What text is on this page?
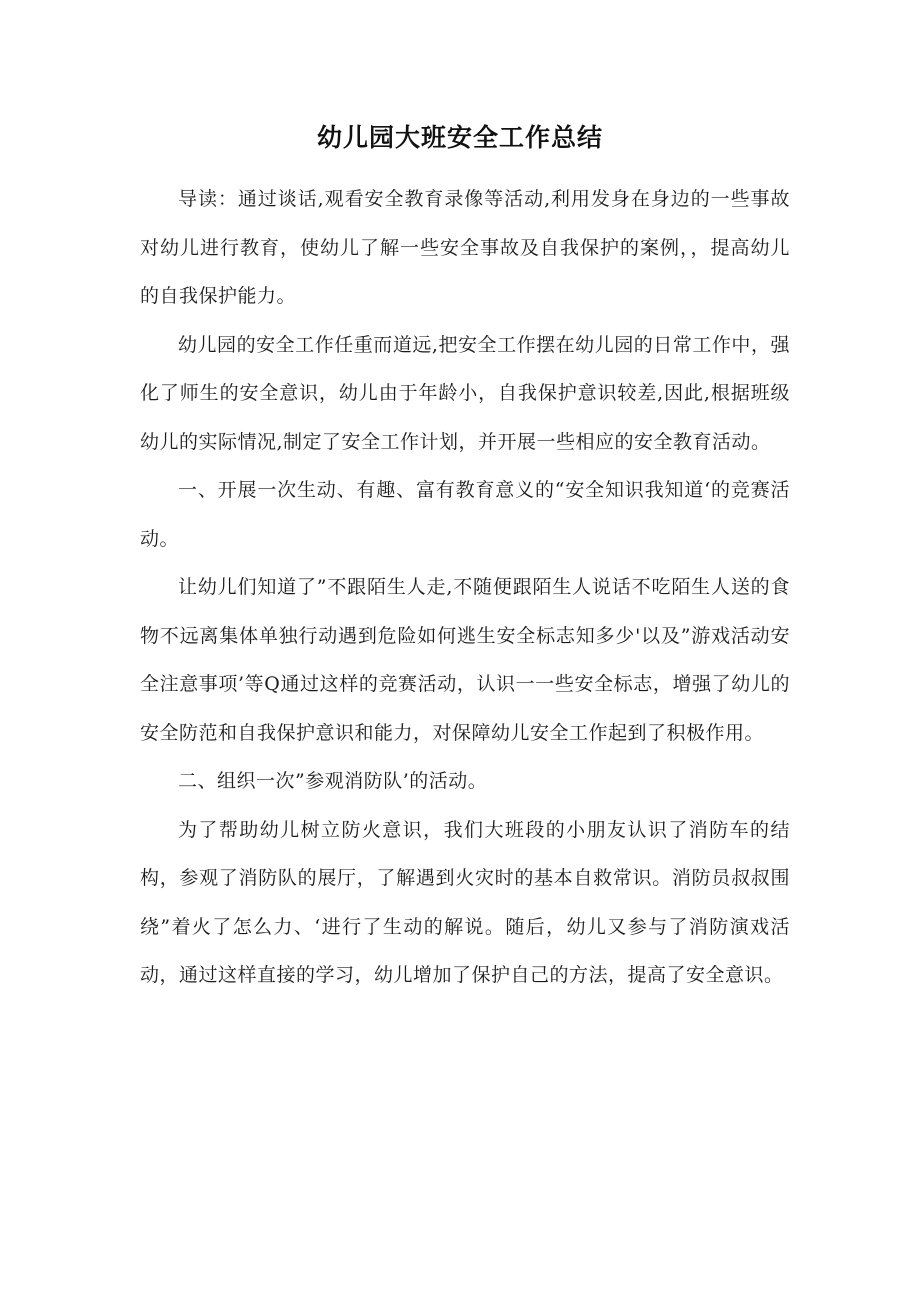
幼儿园大班安全工作总结

导读：通过谈话,观看安全教育录像等活动,利用发身在身边的一些事故对幼儿进行教育，使幼儿了解一些安全事故及自我保护的案例，，提高幼儿的自我保护能力。

幼儿园的安全工作任重而道远,把安全工作摆在幼儿园的日常工作中，强化了师生的安全意识，幼儿由于年龄小，自我保护意识较差,因此,根据班级幼儿的实际情况,制定了安全工作计划，并开展一些相应的安全教育活动。

一、开展一次生动、有趣、富有教育意义的“安全知识我知道‘的竞赛活动。

让幼儿们知道了”不跟陌生人走,不随便跟陌生人说话不吃陌生人送的食物不远离集体单独行动遇到危险如何逃生安全标志知多少'以及”游戏活动安全注意事项’等Q通过这样的竞赛活动，认识一一些安全标志，增强了幼儿的安全防范和自我保护意识和能力，对保障幼儿安全工作起到了积极作用。

二、组织一次”参观消防队’的活动。

为了帮助幼儿树立防火意识，我们大班段的小朋友认识了消防车的结构，参观了消防队的展厅，了解遇到火灾时的基本自救常识。消防员叔叔围绕”着火了怎么力、‘进行了生动的解说。随后，幼儿又参与了消防演戏活动，通过这样直接的学习，幼儿增加了保护自己的方法，提高了安全意识。
